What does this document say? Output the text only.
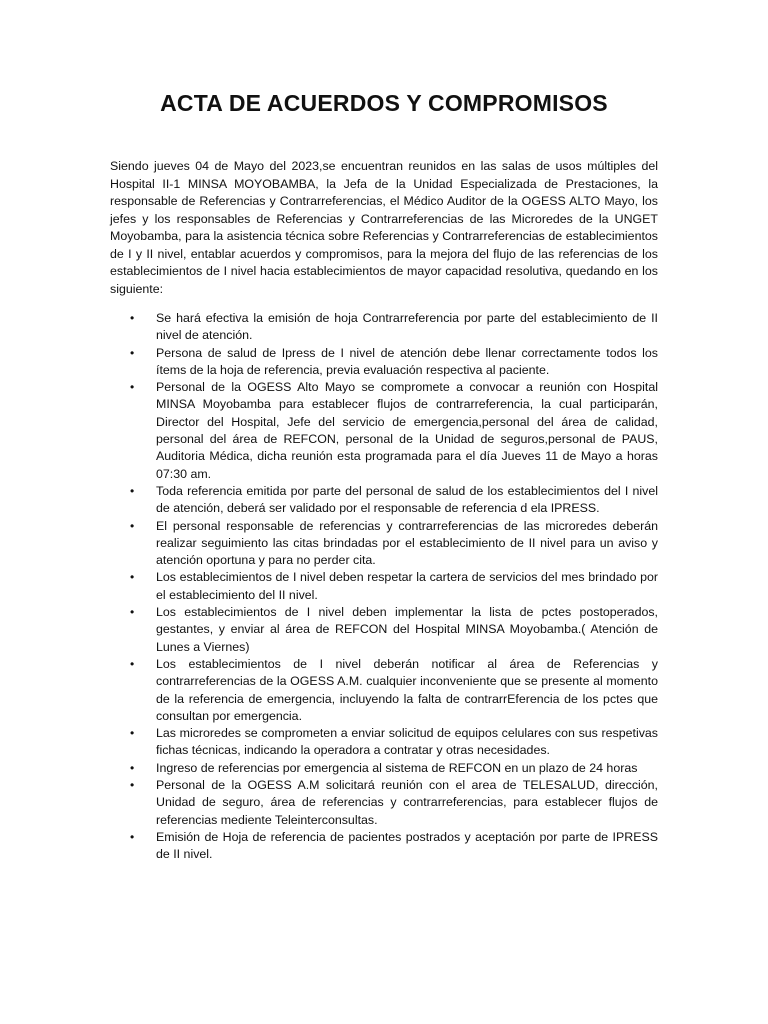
ACTA DE ACUERDOS Y COMPROMISOS

Siendo jueves 04 de Mayo del 2023,se encuentran reunidos en las salas de usos múltiples del Hospital II-1 MINSA MOYOBAMBA, la Jefa de la Unidad Especializada de Prestaciones, la responsable de Referencias y Contrarreferencias, el Médico Auditor de la OGESS ALTO Mayo, los jefes y los responsables de Referencias y Contrarreferencias de las Microredes de la UNGET Moyobamba, para la asistencia técnica sobre Referencias y Contrarreferencias de establecimientos de I y II nivel, entablar acuerdos y compromisos, para la mejora del flujo de las referencias de los establecimientos de I nivel hacia establecimientos de mayor capacidad resolutiva, quedando en los siguiente:

• Se hará efectiva la emisión de hoja Contrarreferencia por parte del establecimiento de II nivel de atención.
• Persona de salud de Ipress de I nivel de atención debe llenar correctamente todos los ítems de la hoja de referencia, previa evaluación respectiva al paciente.
• Personal de la OGESS Alto Mayo se compromete a convocar a reunión con Hospital MINSA Moyobamba para establecer flujos de contrarreferencia, la cual participarán, Director del Hospital, Jefe del servicio de emergencia,personal del área de calidad, personal del área de REFCON, personal de la Unidad de seguros,personal de PAUS, Auditoria Médica, dicha reunión esta programada para el día Jueves 11 de Mayo a horas 07:30 am.
• Toda referencia emitida por parte del personal de salud de los establecimientos del I nivel de atención, deberá ser validado por el responsable de referencia d ela IPRESS.
• El personal responsable de referencias y contrarreferencias de las microredes deberán realizar seguimiento las citas brindadas por el establecimiento de II nivel para un aviso y atención oportuna y para no perder cita.
• Los establecimientos de I nivel deben respetar la cartera de servicios del mes brindado por el establecimiento del II nivel.
• Los establecimientos de I nivel deben implementar la lista de pctes postoperados, gestantes, y enviar al área de REFCON del Hospital MINSA Moyobamba.( Atención de Lunes a Viernes)
• Los establecimientos de I nivel deberán notificar al área de Referencias y contrarreferencias de la OGESS A.M. cualquier inconveniente que se presente al momento de la referencia de emergencia, incluyendo la falta de contrarrEferencia de los pctes que consultan por emergencia.
• Las microredes se comprometen a enviar solicitud de equipos celulares con sus respetivas fichas técnicas, indicando la operadora a contratar y otras necesidades.
• Ingreso de referencias por emergencia al sistema de REFCON en un plazo de 24 horas
• Personal de la OGESS A.M solicitará reunión con el area de TELESALUD, dirección, Unidad de seguro, área de referencias y contrarreferencias, para establecer flujos de referencias mediente Teleinterconsultas.
• Emisión de Hoja de referencia de pacientes postrados y aceptación por parte de IPRESS de II nivel.
